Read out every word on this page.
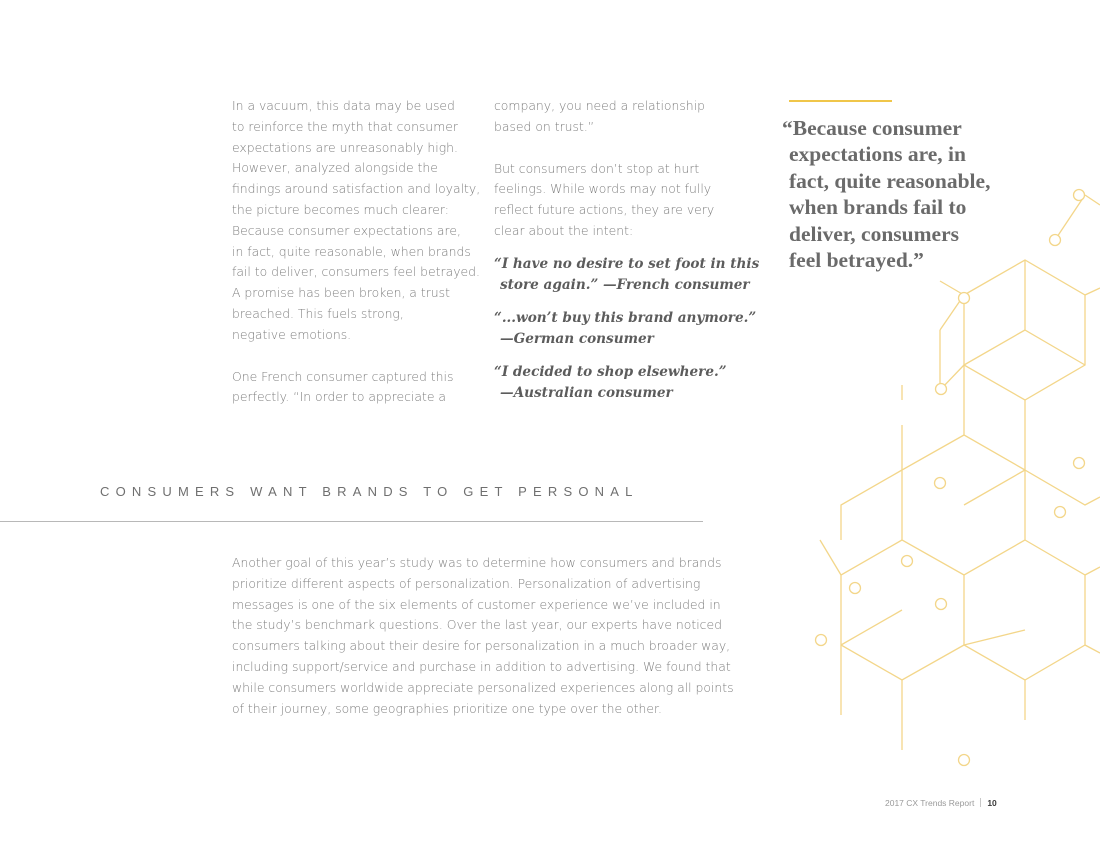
In a vacuum, this data may be used
to reinforce the myth that consumer
expectations are unreasonably high.
However, analyzed alongside the
findings around satisfaction and loyalty,
the picture becomes much clearer:
Because consumer expectations are,
in fact, quite reasonable, when brands
fail to deliver, consumers feel betrayed.
A promise has been broken, a trust
breached. This fuels strong,
negative emotions.
One French consumer captured this
perfectly. “In order to appreciate a
company, you need a relationship
based on trust.”
But consumers don’t stop at hurt
feelings. While words may not fully
reflect future actions, they are very
clear about the intent:
“I have no desire to set foot in this
store again.” —French consumer
“...won’t buy this brand anymore.”
—German consumer
“I decided to shop elsewhere.”
—Australian consumer
“Because consumer
expectations are, in
fact, quite reasonable,
when brands fail to
deliver, consumers
feel betrayed.”
CONSUMERS WANT BRANDS TO GET PERSONAL
Another goal of this year’s study was to determine how consumers and brands
prioritize different aspects of personalization. Personalization of advertising
messages is one of the six elements of customer experience we’ve included in
the study’s benchmark questions. Over the last year, our experts have noticed
consumers talking about their desire for personalization in a much broader way,
including support/service and purchase in addition to advertising. We found that
while consumers worldwide appreciate personalized experiences along all points
of their journey, some geographies prioritize one type over the other.
2017 CX Trends Report 10
